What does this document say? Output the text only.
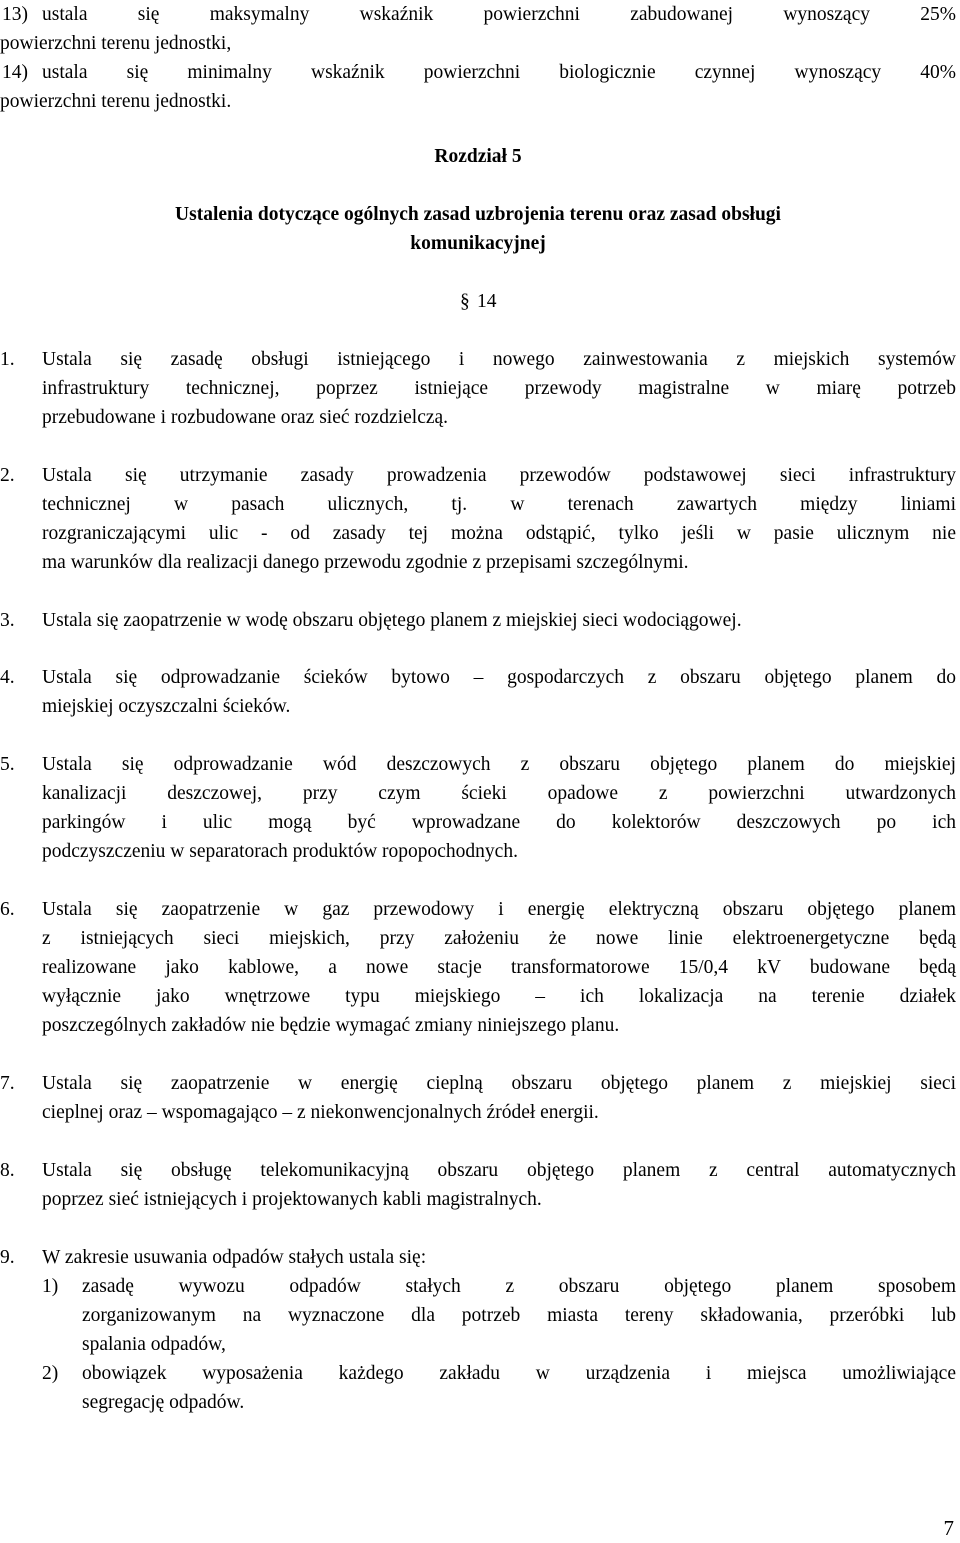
13) ustala się maksymalny wskaźnik powierzchni zabudowanej wynoszący 25%
powierzchni terenu jednostki,
14) ustala się minimalny wskaźnik powierzchni biologicznie czynnej wynoszący 40%
powierzchni terenu jednostki.
Rozdział 5
Ustalenia dotyczące ogólnych zasad uzbrojenia terenu oraz zasad obsługi
komunikacyjnej
§ 14
1. Ustala się zasadę obsługi istniejącego i nowego zainwestowania z miejskich systemów
infrastruktury technicznej, poprzez istniejące przewody magistralne w miarę potrzeb
przebudowane i rozbudowane oraz sieć rozdzielczą.
2. Ustala się utrzymanie zasady prowadzenia przewodów podstawowej sieci infrastruktury
technicznej w pasach ulicznych, tj. w terenach zawartych między liniami
rozgraniczającymi ulic - od zasady tej można odstąpić, tylko jeśli w pasie ulicznym nie
ma warunków dla realizacji danego przewodu zgodnie z przepisami szczególnymi.
3. Ustala się zaopatrzenie w wodę obszaru objętego planem z miejskiej sieci wodociągowej.
4. Ustala się odprowadzanie ścieków bytowo – gospodarczych z obszaru objętego planem do
miejskiej oczyszczalni ścieków.
5. Ustala się odprowadzanie wód deszczowych z obszaru objętego planem do miejskiej
kanalizacji deszczowej, przy czym ścieki opadowe z powierzchni utwardzonych
parkingów i ulic mogą być wprowadzane do kolektorów deszczowych po ich
podczyszczeniu w separatorach produktów ropopochodnych.
6. Ustala się zaopatrzenie w gaz przewodowy i energię elektryczną obszaru objętego planem
z istniejących sieci miejskich, przy założeniu że nowe linie elektroenergetyczne będą
realizowane jako kablowe, a nowe stacje transformatorowe 15/0,4 kV budowane będą
wyłącznie jako wnętrzowe typu miejskiego – ich lokalizacja na terenie działek
poszczególnych zakładów nie będzie wymagać zmiany niniejszego planu.
7. Ustala się zaopatrzenie w energię cieplną obszaru objętego planem z miejskiej sieci
cieplnej oraz – wspomagająco – z niekonwencjonalnych źródeł energii.
8. Ustala się obsługę telekomunikacyjną obszaru objętego planem z central automatycznych
poprzez sieć istniejących i projektowanych kabli magistralnych.
9. W zakresie usuwania odpadów stałych ustala się:
1) zasadę wywozu odpadów stałych z obszaru objętego planem sposobem
zorganizowanym na wyznaczone dla potrzeb miasta tereny składowania, przeróbki lub
spalania odpadów,
2) obowiązek wyposażenia każdego zakładu w urządzenia i miejsca umożliwiające
segregację odpadów.
7
